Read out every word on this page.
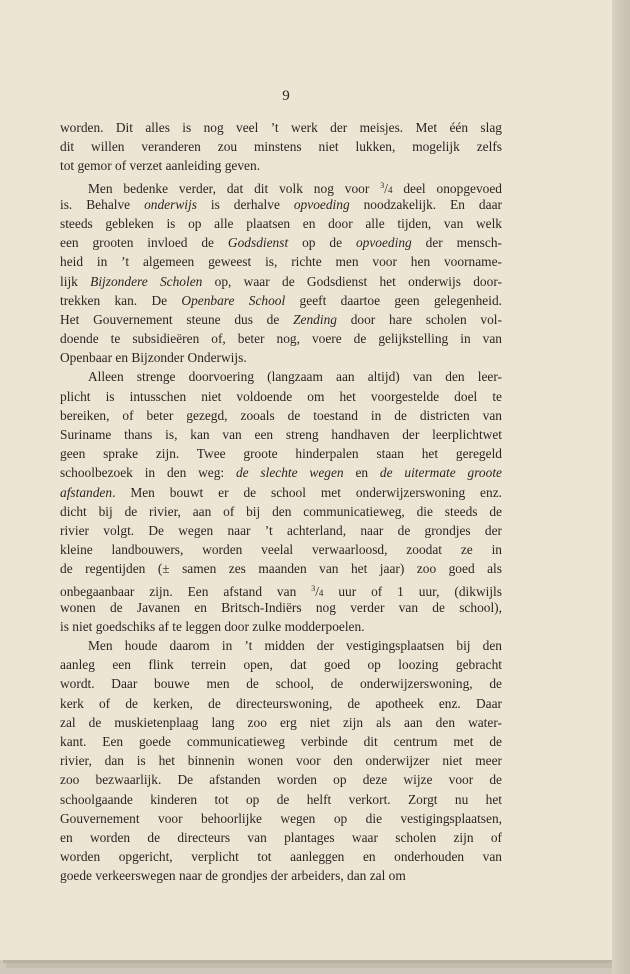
9
worden. Dit alles is nog veel ’t werk der meisjes. Met één slag
dit willen veranderen zou minstens niet lukken, mogelijk zelfs
tot gemor of verzet aanleiding geven.
Men bedenke verder, dat dit volk nog voor $^3$/4 deel onopgevoed
is. Behalve onderwijs is derhalve opvoeding noodzakelijk. En daar
steeds gebleken is op alle plaatsen en door alle tijden, van welk
een grooten invloed de Godsdienst op de opvoeding der mensch-
heid in ’t algemeen geweest is, richte men voor hen voorname-
lijk Bijzondere Scholen op, waar de Godsdienst het onderwijs door-
trekken kan. De Openbare School geeft daartoe geen gelegenheid.
Het Gouvernement steune dus de Zending door hare scholen vol-
doende te subsidieëren of, beter nog, voere de gelijkstelling in van
Openbaar en Bijzonder Onderwijs.
Alleen strenge doorvoering (langzaam aan altijd) van den leer-
plicht is intusschen niet voldoende om het voorgestelde doel te
bereiken, of beter gezegd, zooals de toestand in de districten van
Suriname thans is, kan van een streng handhaven der leerplichtwet
geen sprake zijn. Twee groote hinderpalen staan het geregeld
schoolbezoek in den weg: de slechte wegen en de uitermate groote
afstanden. Men bouwt er de school met onderwijzerswoning enz.
dicht bij de rivier, aan of bij den communicatieweg, die steeds de
rivier volgt. De wegen naar ’t achterland, naar de grondjes der
kleine landbouwers, worden veelal verwaarloosd, zoodat ze in
de regentijden (± samen zes maanden van het jaar) zoo goed als
onbegaanbaar zijn. Een afstand van $^3$/4 uur of 1 uur, (dikwijls
wonen de Javanen en Britsch-Indiërs nog verder van de school),
is niet goedschiks af te leggen door zulke modderpoelen.
Men houde daarom in ’t midden der vestigingsplaatsen bij den
aanleg een flink terrein open, dat goed op loozing gebracht
wordt. Daar bouwe men de school, de onderwijzerswoning, de
kerk of de kerken, de directeurswoning, de apotheek enz. Daar
zal de muskietenplaag lang zoo erg niet zijn als aan den water-
kant. Een goede communicatieweg verbinde dit centrum met de
rivier, dan is het binnenin wonen voor den onderwijzer niet meer
zoo bezwaarlijk. De afstanden worden op deze wijze voor de
schoolgaande kinderen tot op de helft verkort. Zorgt nu het
Gouvernement voor behoorlijke wegen op die vestigingsplaatsen,
en worden de directeurs van plantages waar scholen zijn of
worden opgericht, verplicht tot aanleggen en onderhouden van
goede verkeerswegen naar de grondjes der arbeiders, dan zal om
